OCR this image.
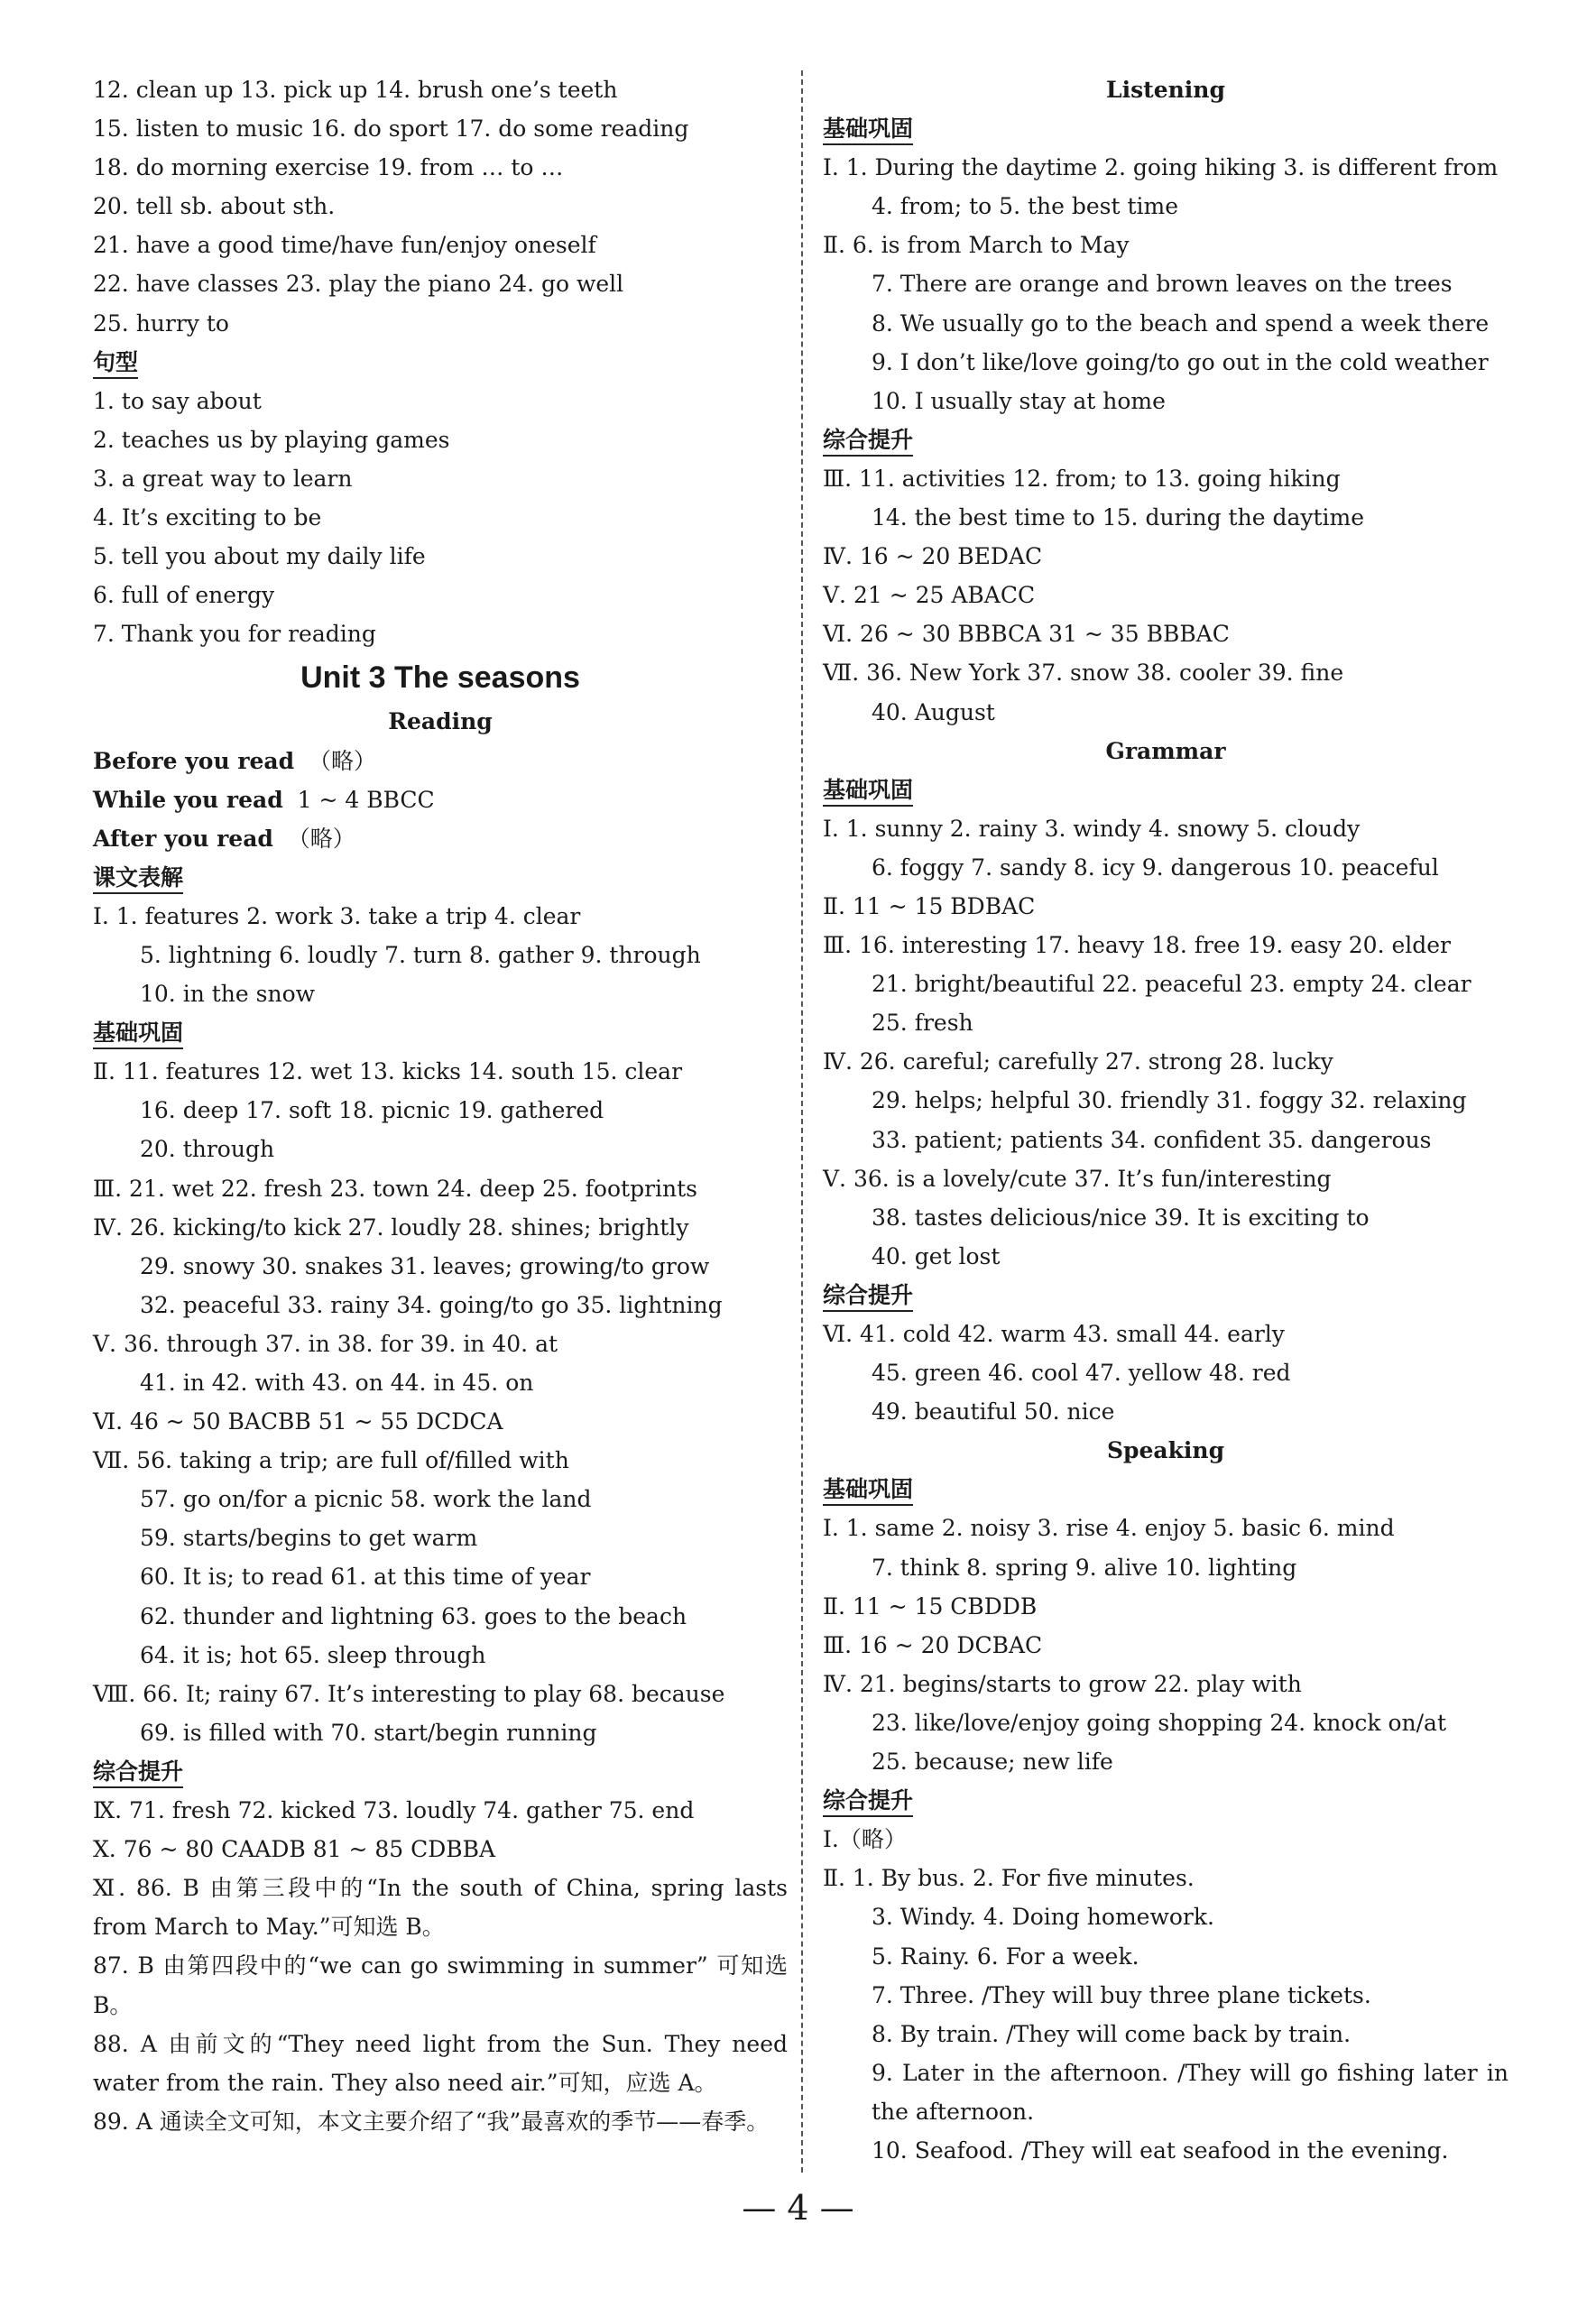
12. clean up 13. pick up 14. brush one’s teeth
15. listen to music 16. do sport 17. do some reading
18. do morning exercise 19. from … to …
20. tell sb. about sth.
21. have a good time/have fun/enjoy oneself
22. have classes 23. play the piano 24. go well
25. hurry to
句型
1. to say about
2. teaches us by playing games
3. a great way to learn
4. It’s exciting to be
5. tell you about my daily life
6. full of energy
7. Thank you for reading
Unit 3 The seasons
Reading
Before you read （略）
While you read 1 ~ 4 BBCC
After you read （略）
课文表解
Ⅰ. 1. features 2. work 3. take a trip 4. clear
5. lightning 6. loudly 7. turn 8. gather 9. through
10. in the snow
基础巩固
Ⅱ. 11. features 12. wet 13. kicks 14. south 15. clear
16. deep 17. soft 18. picnic 19. gathered
20. through
Ⅲ. 21. wet 22. fresh 23. town 24. deep 25. footprints
Ⅳ. 26. kicking/to kick 27. loudly 28. shines; brightly
29. snowy 30. snakes 31. leaves; growing/to grow
32. peaceful 33. rainy 34. going/to go 35. lightning
Ⅴ. 36. through 37. in 38. for 39. in 40. at
41. in 42. with 43. on 44. in 45. on
Ⅵ. 46 ~ 50 BACBB 51 ~ 55 DCDCA
Ⅶ. 56. taking a trip; are full of/filled with
57. go on/for a picnic 58. work the land
59. starts/begins to get warm
60. It is; to read 61. at this time of year
62. thunder and lightning 63. goes to the beach
64. it is; hot 65. sleep through
Ⅷ. 66. It; rainy 67. It’s interesting to play 68. because
69. is filled with 70. start/begin running
综合提升
Ⅸ. 71. fresh 72. kicked 73. loudly 74. gather 75. end
Ⅹ. 76 ~ 80 CAADB 81 ~ 85 CDBBA
Ⅺ. 86. B 由第三段中的“In the south of China, spring lasts from March to May.”可知选 B。
87. B 由第四段中的“we can go swimming in summer” 可知选 B。
88. A 由前文的“They need light from the Sun. They need water from the rain. They also need air.”可知，应选 A。
89. A 通读全文可知，本文主要介绍了“我”最喜欢的季节——春季。
Listening
基础巩固
Ⅰ. 1. During the daytime 2. going hiking 3. is different from
4. from; to 5. the best time
Ⅱ. 6. is from March to May
7. There are orange and brown leaves on the trees
8. We usually go to the beach and spend a week there
9. I don’t like/love going/to go out in the cold weather
10. I usually stay at home
综合提升
Ⅲ. 11. activities 12. from; to 13. going hiking
14. the best time to 15. during the daytime
Ⅳ. 16 ~ 20 BEDAC
Ⅴ. 21 ~ 25 ABACC
Ⅵ. 26 ~ 30 BBBCA 31 ~ 35 BBBAC
Ⅶ. 36. New York 37. snow 38. cooler 39. fine
40. August
Grammar
基础巩固
Ⅰ. 1. sunny 2. rainy 3. windy 4. snowy 5. cloudy
6. foggy 7. sandy 8. icy 9. dangerous 10. peaceful
Ⅱ. 11 ~ 15 BDBAC
Ⅲ. 16. interesting 17. heavy 18. free 19. easy 20. elder
21. bright/beautiful 22. peaceful 23. empty 24. clear
25. fresh
Ⅳ. 26. careful; carefully 27. strong 28. lucky
29. helps; helpful 30. friendly 31. foggy 32. relaxing
33. patient; patients 34. confident 35. dangerous
Ⅴ. 36. is a lovely/cute 37. It’s fun/interesting
38. tastes delicious/nice 39. It is exciting to
40. get lost
综合提升
Ⅵ. 41. cold 42. warm 43. small 44. early
45. green 46. cool 47. yellow 48. red
49. beautiful 50. nice
Speaking
基础巩固
Ⅰ. 1. same 2. noisy 3. rise 4. enjoy 5. basic 6. mind
7. think 8. spring 9. alive 10. lighting
Ⅱ. 11 ~ 15 CBDDB
Ⅲ. 16 ~ 20 DCBAC
Ⅳ. 21. begins/starts to grow 22. play with
23. like/love/enjoy going shopping 24. knock on/at
25. because; new life
综合提升
Ⅰ.（略）
Ⅱ. 1. By bus. 2. For five minutes.
3. Windy. 4. Doing homework.
5. Rainy. 6. For a week.
7. Three. /They will buy three plane tickets.
8. By train. /They will come back by train.
9. Later in the afternoon. /They will go fishing later in the afternoon.
10. Seafood. /They will eat seafood in the evening.
— 4 —
